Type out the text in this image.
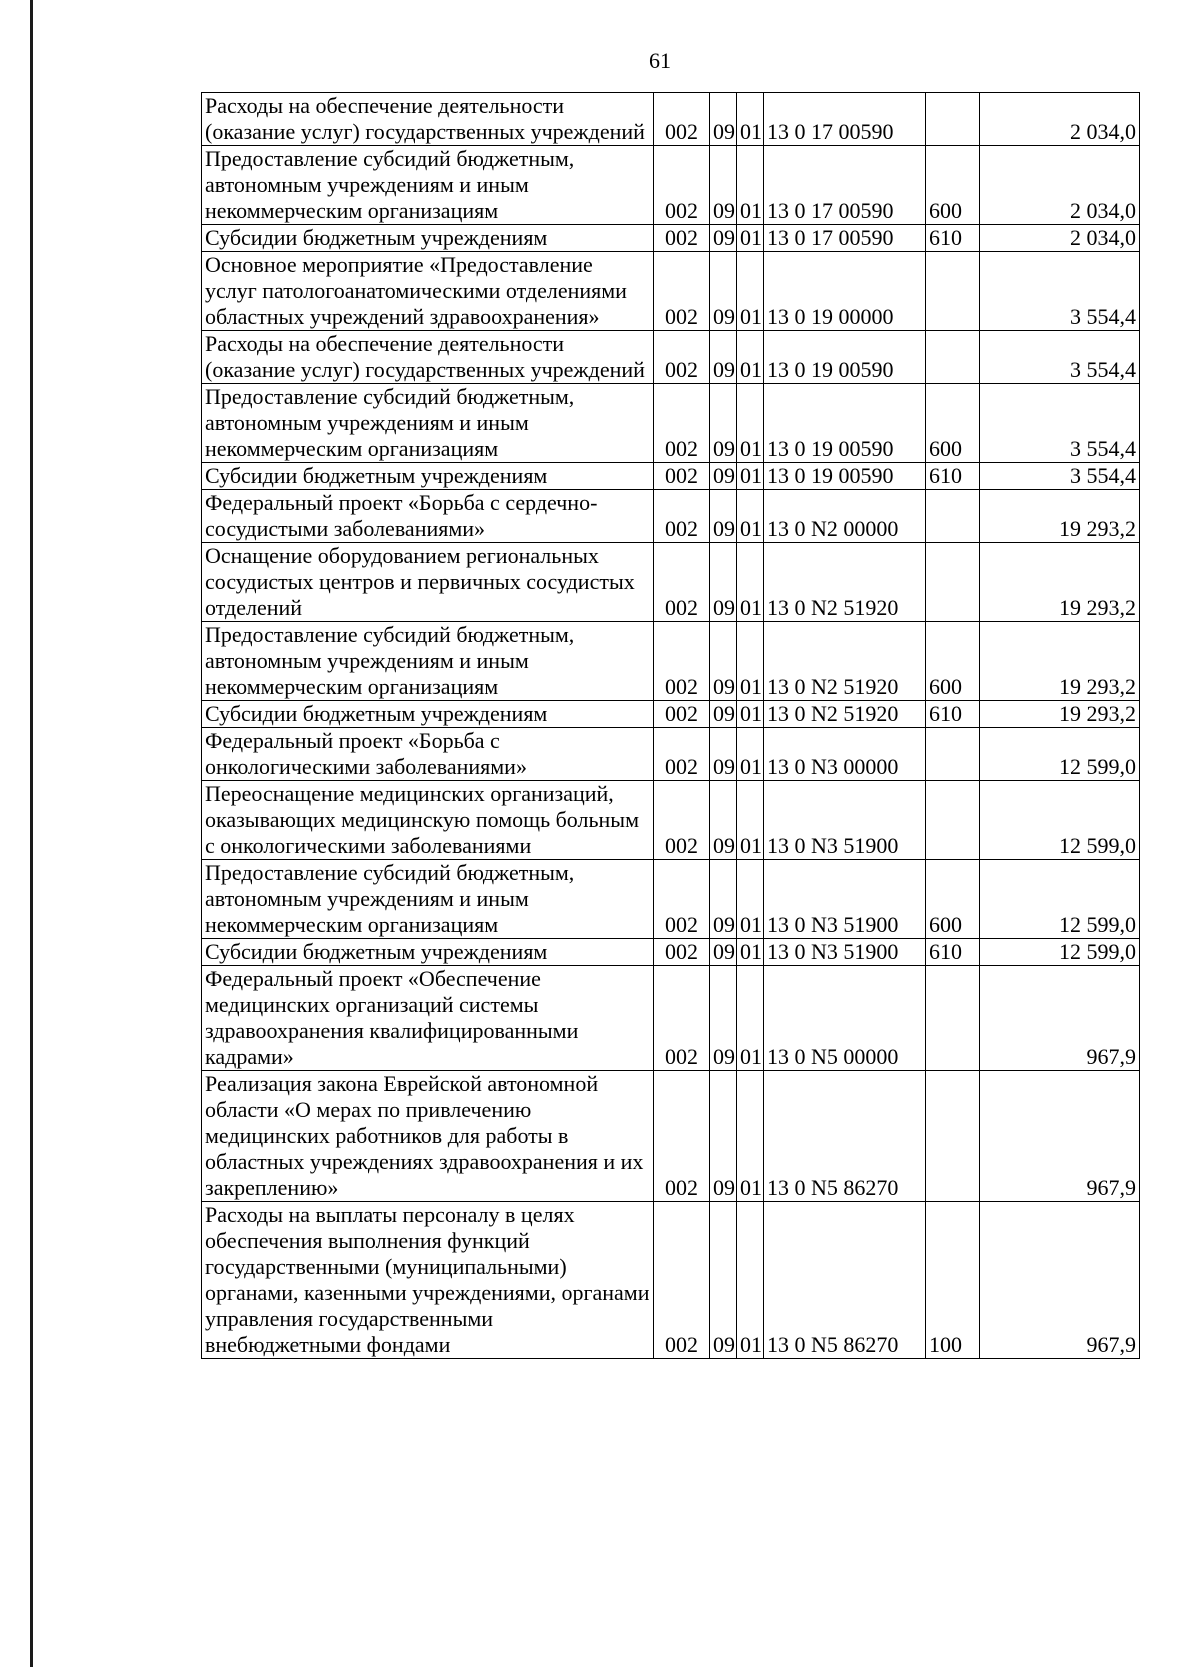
61
Расходы на обеспечение деятельности (оказание услуг) государственных учреждений	002	09	01	13 0 17 00590		2 034,0
Предоставление субсидий бюджетным, автономным учреждениям и иным некоммерческим организациям	002	09	01	13 0 17 00590	600	2 034,0
Субсидии бюджетным учреждениям	002	09	01	13 0 17 00590	610	2 034,0
Основное мероприятие «Предоставление услуг патологоанатомическими отделениями областных учреждений здравоохранения»	002	09	01	13 0 19 00000		3 554,4
Расходы на обеспечение деятельности (оказание услуг) государственных учреждений	002	09	01	13 0 19 00590		3 554,4
Предоставление субсидий бюджетным, автономным учреждениям и иным некоммерческим организациям	002	09	01	13 0 19 00590	600	3 554,4
Субсидии бюджетным учреждениям	002	09	01	13 0 19 00590	610	3 554,4
Федеральный проект «Борьба с сердечно-сосудистыми заболеваниями»	002	09	01	13 0 N2 00000		19 293,2
Оснащение оборудованием региональных сосудистых центров и первичных сосудистых отделений	002	09	01	13 0 N2 51920		19 293,2
Предоставление субсидий бюджетным, автономным учреждениям и иным некоммерческим организациям	002	09	01	13 0 N2 51920	600	19 293,2
Субсидии бюджетным учреждениям	002	09	01	13 0 N2 51920	610	19 293,2
Федеральный проект «Борьба с онкологическими заболеваниями»	002	09	01	13 0 N3 00000		12 599,0
Переоснащение медицинских организаций, оказывающих медицинскую помощь больным с онкологическими заболеваниями	002	09	01	13 0 N3 51900		12 599,0
Предоставление субсидий бюджетным, автономным учреждениям и иным некоммерческим организациям	002	09	01	13 0 N3 51900	600	12 599,0
Субсидии бюджетным учреждениям	002	09	01	13 0 N3 51900	610	12 599,0
Федеральный проект «Обеспечение медицинских организаций системы здравоохранения квалифицированными кадрами»	002	09	01	13 0 N5 00000		967,9
Реализация закона Еврейской автономной области «О мерах по привлечению медицинских работников для работы в областных учреждениях здравоохранения и их закреплению»	002	09	01	13 0 N5 86270		967,9
Расходы на выплаты персоналу в целях обеспечения выполнения функций государственными (муниципальными) органами, казенными учреждениями, органами управления государственными внебюджетными фондами	002	09	01	13 0 N5 86270	100	967,9
